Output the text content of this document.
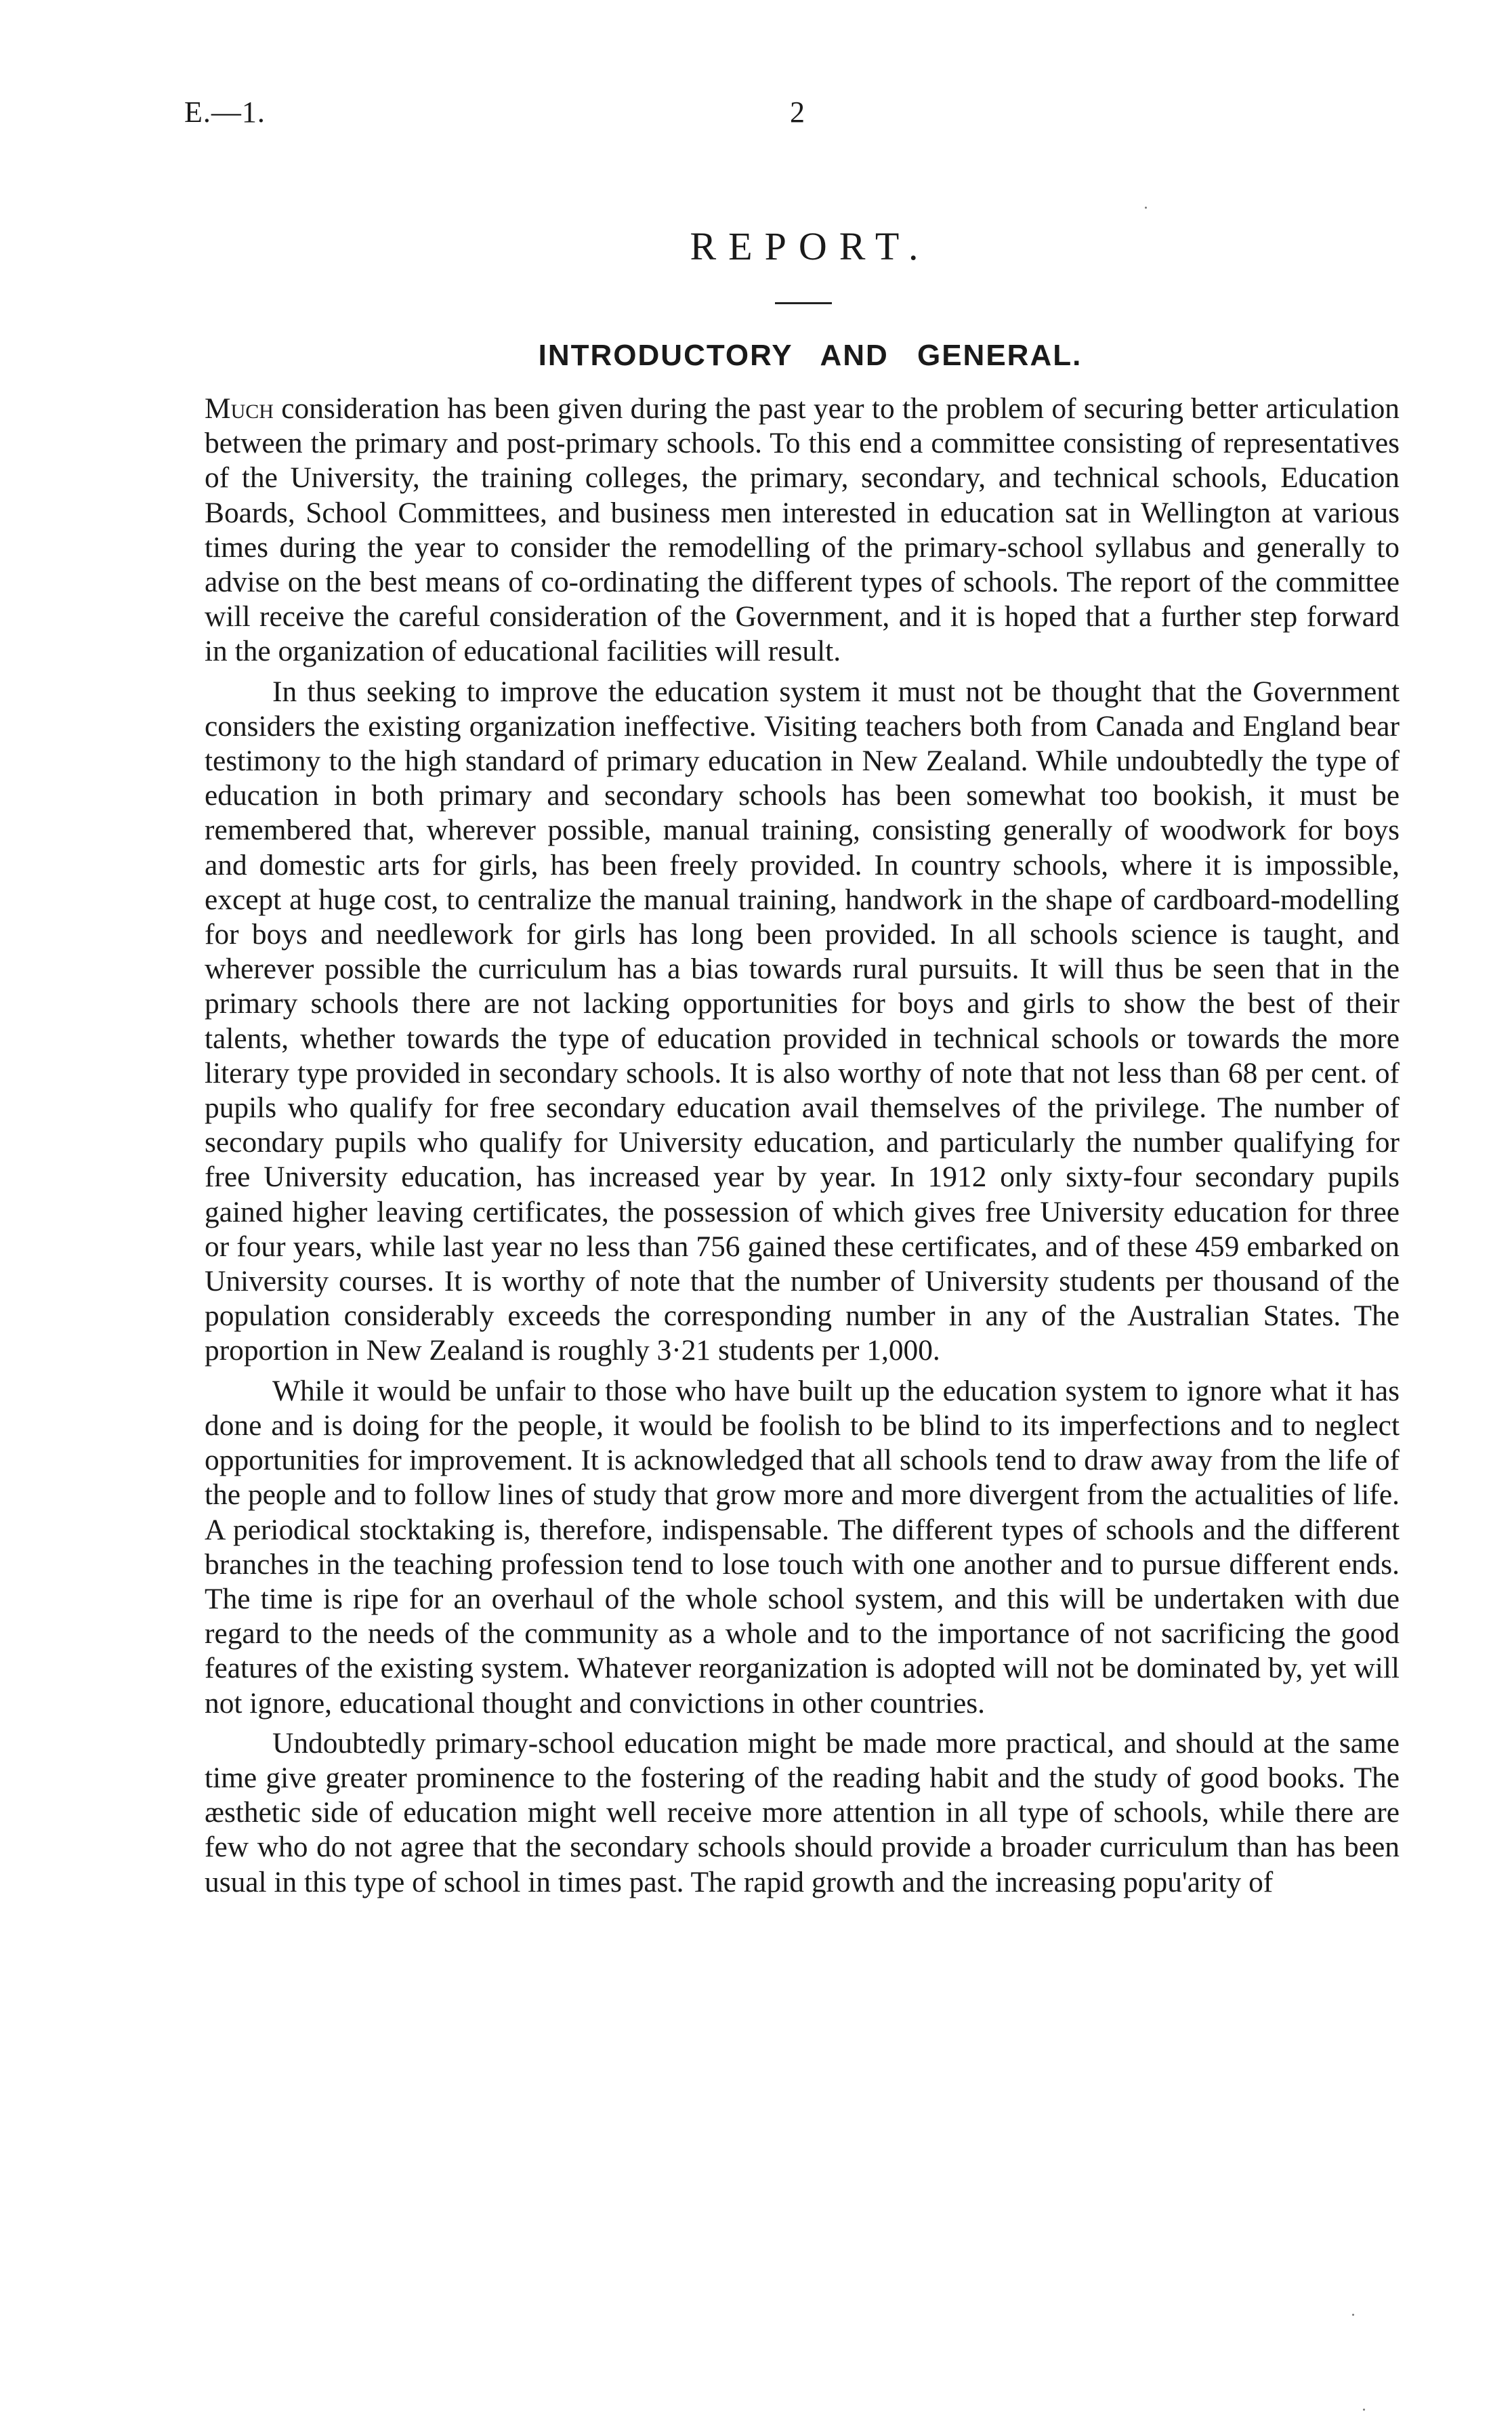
E.—1.	2
REPORT.
INTRODUCTORY AND GENERAL.

Much consideration has been given during the past year to the problem of securing better articulation between the primary and post-primary schools. To this end a committee consisting of representatives of the University, the training colleges, the primary, secondary, and technical schools, Education Boards, School Committees, and business men interested in education sat in Wellington at various times during the year to consider the remodelling of the primary-school syllabus and generally to advise on the best means of co-ordinating the different types of schools. The report of the committee will receive the careful consideration of the Government, and it is hoped that a further step forward in the organization of educational facilities will result.

In thus seeking to improve the education system it must not be thought that the Government considers the existing organization ineffective. Visiting teachers both from Canada and England bear testimony to the high standard of primary education in New Zealand. While undoubtedly the type of education in both primary and secondary schools has been somewhat too bookish, it must be remembered that, wherever possible, manual training, consisting generally of woodwork for boys and domestic arts for girls, has been freely provided. In country schools, where it is impossible, except at huge cost, to centralize the manual training, handwork in the shape of cardboard-modelling for boys and needlework for girls has long been provided. In all schools science is taught, and wherever possible the curriculum has a bias towards rural pursuits. It will thus be seen that in the primary schools there are not lacking opportunities for boys and girls to show the best of their talents, whether towards the type of education provided in technical schools or towards the more literary type provided in secondary schools. It is also worthy of note that not less than 68 per cent. of pupils who qualify for free secondary education avail themselves of the privilege. The number of secondary pupils who qualify for University education, and particularly the number qualifying for free University education, has increased year by year. In 1912 only sixty-four secondary pupils gained higher leaving certificates, the possession of which gives free University education for three or four years, while last year no less than 756 gained these certificates, and of these 459 embarked on University courses. It is worthy of note that the number of University students per thousand of the population considerably exceeds the corresponding number in any of the Australian States. The proportion in New Zealand is roughly 3·21 students per 1,000.

While it would be unfair to those who have built up the education system to ignore what it has done and is doing for the people, it would be foolish to be blind to its imperfections and to neglect opportunities for improvement. It is acknowledged that all schools tend to draw away from the life of the people and to follow lines of study that grow more and more divergent from the actualities of life. A periodical stocktaking is, therefore, indispensable. The different types of schools and the different branches in the teaching profession tend to lose touch with one another and to pursue different ends. The time is ripe for an overhaul of the whole school system, and this will be undertaken with due regard to the needs of the community as a whole and to the importance of not sacrificing the good features of the existing system. Whatever reorganization is adopted will not be dominated by, yet will not ignore, educational thought and convictions in other countries.

Undoubtedly primary-school education might be made more practical, and should at the same time give greater prominence to the fostering of the reading habit and the study of good books. The æsthetic side of education might well receive more attention in all type of schools, while there are few who do not agree that the secondary schools should provide a broader curriculum than has been usual in this type of school in times past. The rapid growth and the increasing popu'arity of
